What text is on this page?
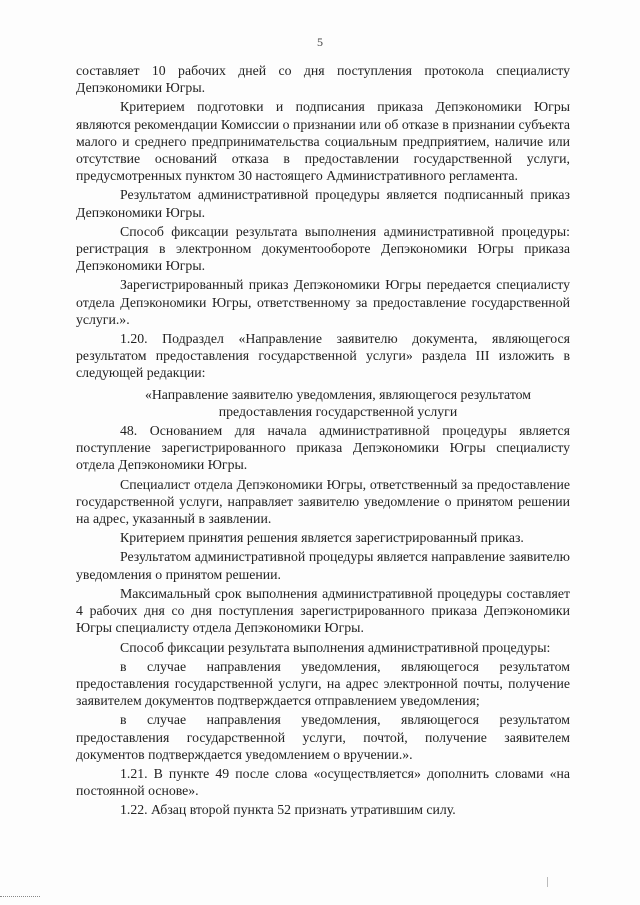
5

составляет 10 рабочих дней со дня поступления протокола специалисту Депэкономики Югры.

Критерием подготовки и подписания приказа Депэкономики Югры являются рекомендации Комиссии о признании или об отказе в признании субъекта малого и среднего предпринимательства социальным предприятием, наличие или отсутствие оснований отказа в предоставлении государственной услуги, предусмотренных пунктом 30 настоящего Административного регламента.

Результатом административной процедуры является подписанный приказ Депэкономики Югры.

Способ фиксации результата выполнения административной процедуры: регистрация в электронном документообороте Депэкономики Югры приказа Депэкономики Югры.

Зарегистрированный приказ Депэкономики Югры передается специалисту отдела Депэкономики Югры, ответственному за предоставление государственной услуги.».

1.20. Подраздел «Направление заявителю документа, являющегося результатом предоставления государственной услуги» раздела III изложить в следующей редакции:

«Направление заявителю уведомления, являющегося результатом предоставления государственной услуги

48. Основанием для начала административной процедуры является поступление зарегистрированного приказа Депэкономики Югры специалисту отдела Депэкономики Югры.

Специалист отдела Депэкономики Югры, ответственный за предоставление государственной услуги, направляет заявителю уведомление о принятом решении на адрес, указанный в заявлении.

Критерием принятия решения является зарегистрированный приказ.

Результатом административной процедуры является направление заявителю уведомления о принятом решении.

Максимальный срок выполнения административной процедуры составляет 4 рабочих дня со дня поступления зарегистрированного приказа Депэкономики Югры специалисту отдела Депэкономики Югры.

Способ фиксации результата выполнения административной процедуры:

в случае направления уведомления, являющегося результатом предоставления государственной услуги, на адрес электронной почты, получение заявителем документов подтверждается отправлением уведомления;

в случае направления уведомления, являющегося результатом предоставления государственной услуги, почтой, получение заявителем документов подтверждается уведомлением о вручении.».

1.21. В пункте 49 после слова «осуществляется» дополнить словами «на постоянной основе».

1.22. Абзац второй пункта 52 признать утратившим силу.
